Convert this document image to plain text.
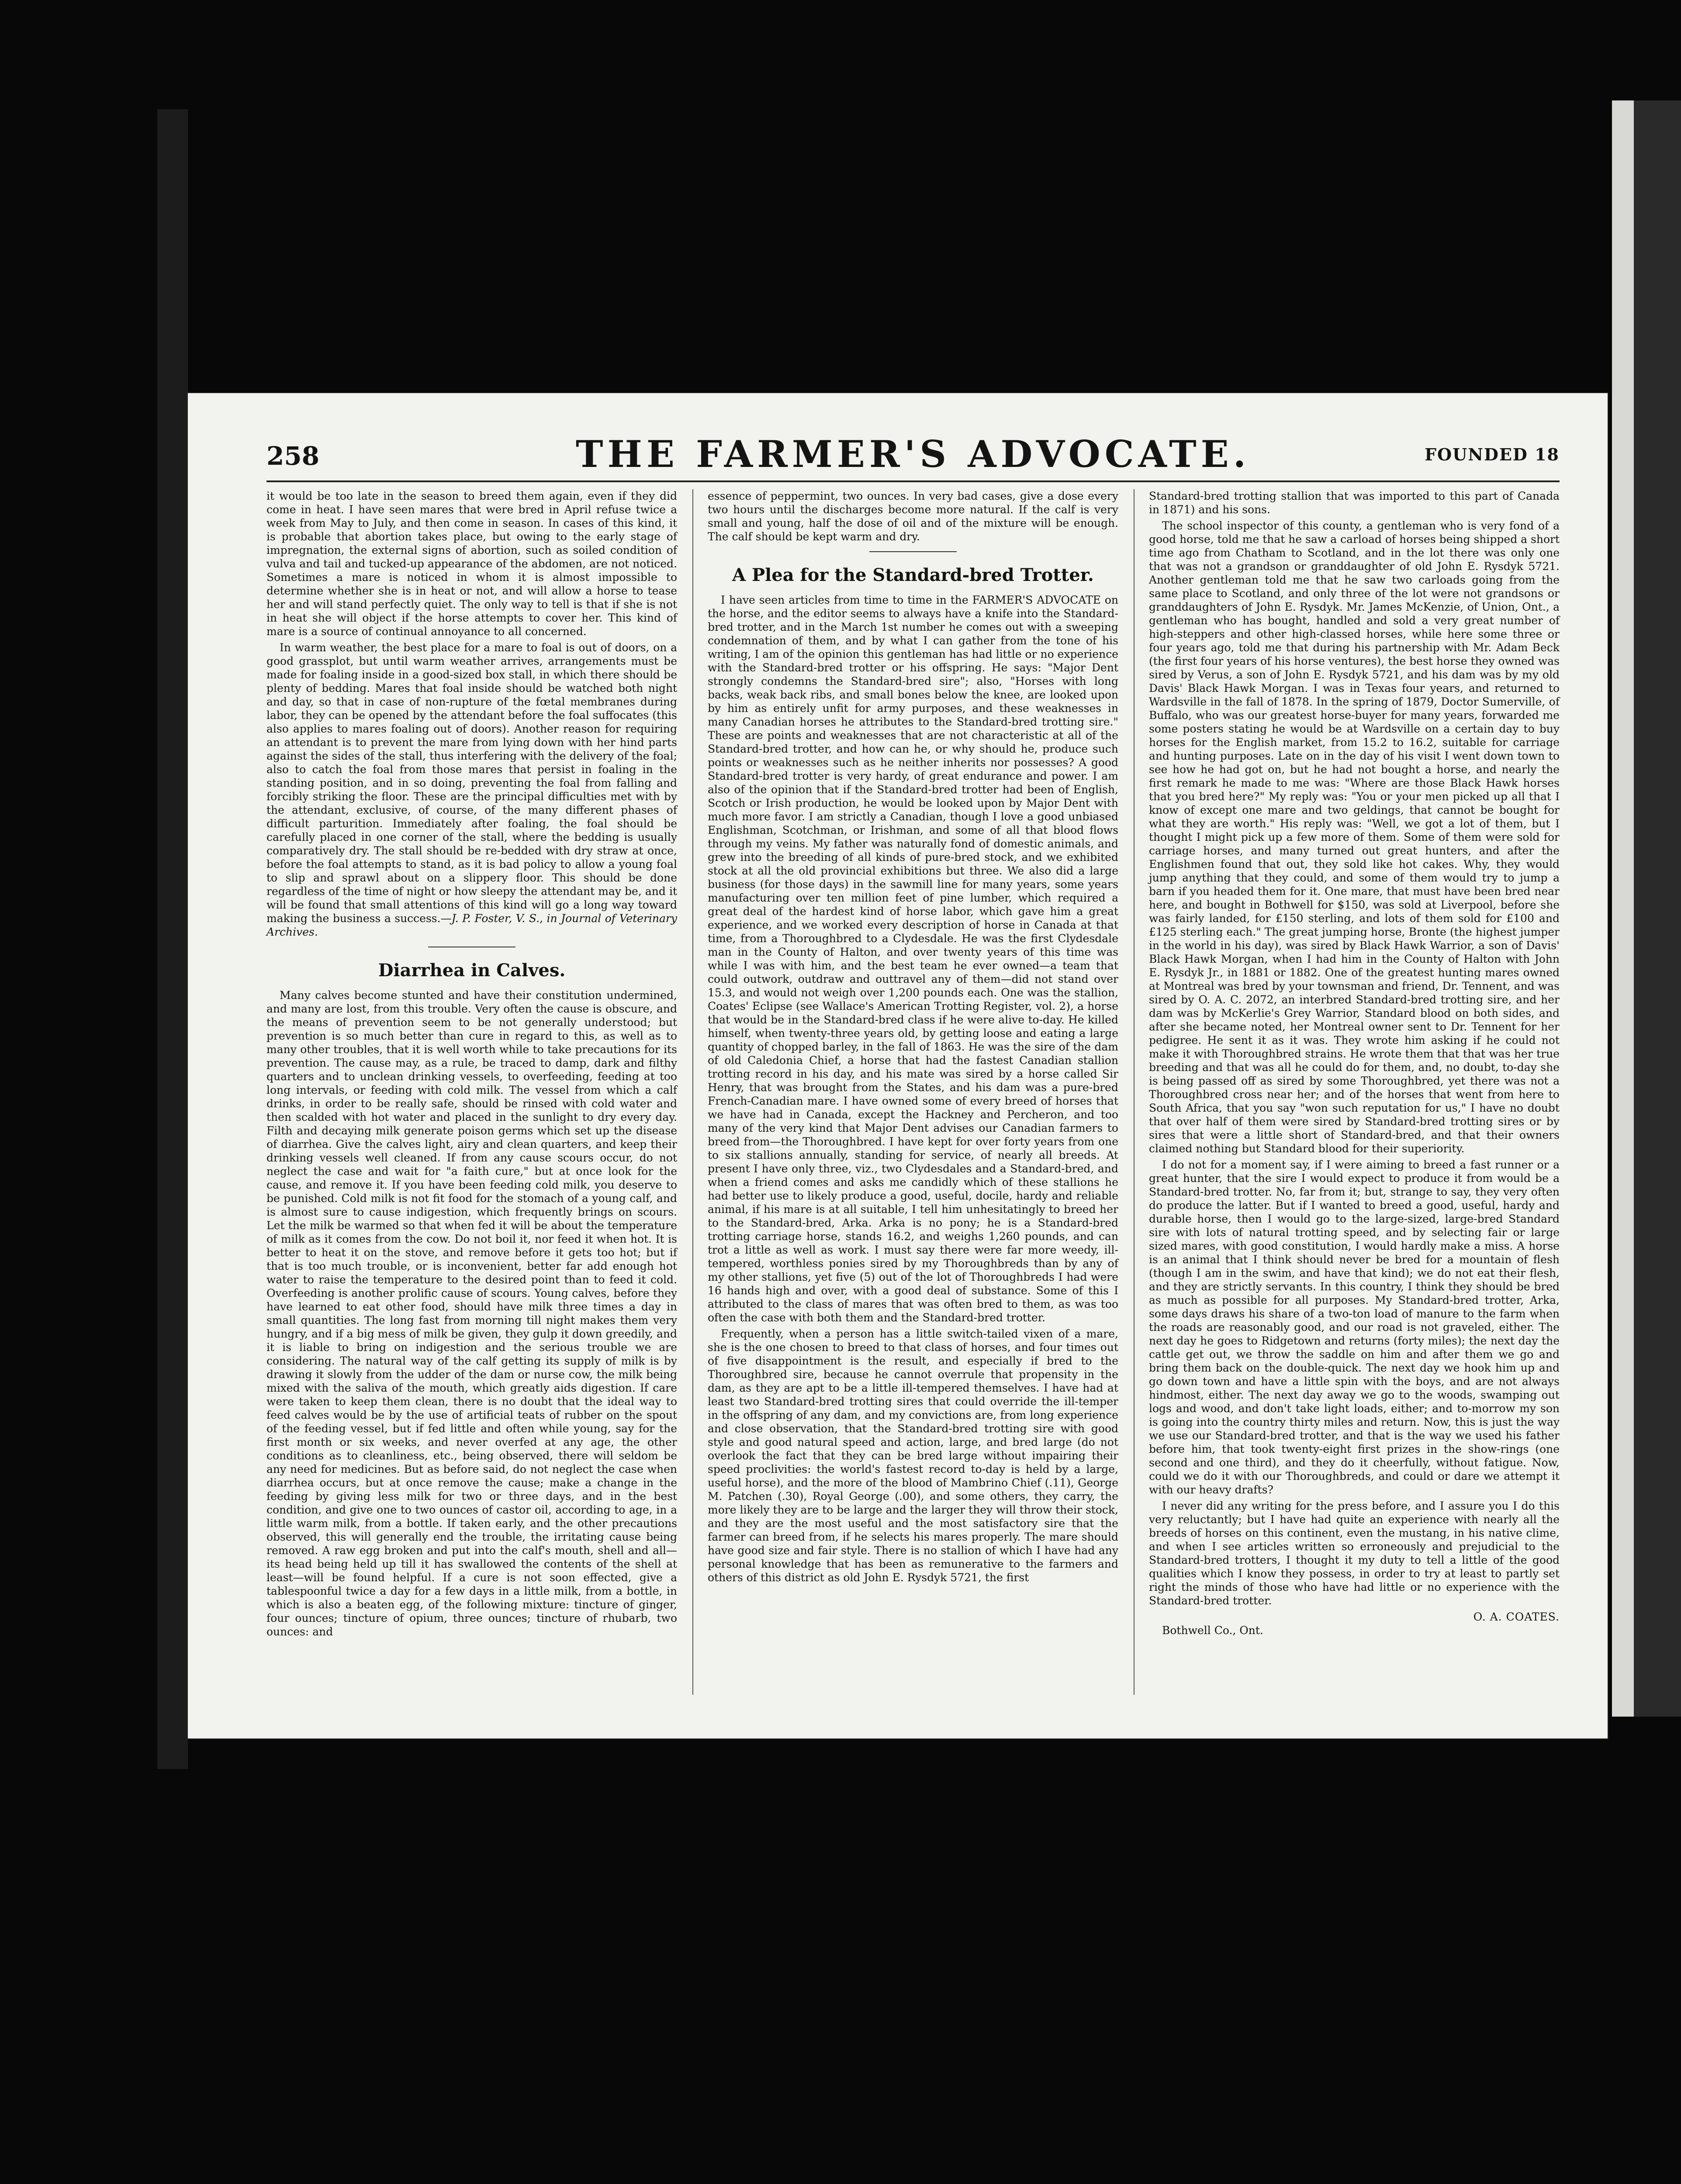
258	THE FARMER'S ADVOCATE.	FOUNDED 18

it would be too late in the season to breed them again, even if they did come in heat. I have seen mares that were bred in April refuse twice a week from May to July, and then come in season. In cases of this kind, it is probable that abortion takes place, but owing to the early stage of impregnation, the external signs of abortion, such as soiled condition of vulva and tail and tucked-up appearance of the abdomen, are not noticed. Sometimes a mare is noticed in whom it is almost impossible to determine whether she is in heat or not, and will allow a horse to tease her and will stand perfectly quiet. The only way to tell is that if she is not in heat she will object if the horse attempts to cover her. This kind of mare is a source of continual annoyance to all concerned.

In warm weather, the best place for a mare to foal is out of doors, on a good grassplot, but until warm weather arrives, arrangements must be made for foaling inside in a good-sized box stall, in which there should be plenty of bedding. Mares that foal inside should be watched both night and day, so that in case of non-rupture of the fœtal membranes during labor, they can be opened by the attendant before the foal suffocates (this also applies to mares foaling out of doors). Another reason for requiring an attendant is to prevent the mare from lying down with her hind parts against the sides of the stall, thus interfering with the delivery of the foal; also to catch the foal from those mares that persist in foaling in the standing position, and in so doing, preventing the foal from falling and forcibly striking the floor. These are the principal difficulties met with by the attendant, exclusive, of course, of the many different phases of difficult parturition. Immediately after foaling, the foal should be carefully placed in one corner of the stall, where the bedding is usually comparatively dry. The stall should be re-bedded with dry straw at once, before the foal attempts to stand, as it is bad policy to allow a young foal to slip and sprawl about on a slippery floor. This should be done regardless of the time of night or how sleepy the attendant may be, and it will be found that small attentions of this kind will go a long way toward making the business a success.—J. P. Foster, V. S., in Journal of Veterinary Archives.

Diarrhea in Calves.

Many calves become stunted and have their constitution undermined, and many are lost, from this trouble. Very often the cause is obscure, and the means of prevention seem to be not generally understood; but prevention is so much better than cure in regard to this, as well as to many other troubles, that it is well worth while to take precautions for its prevention. The cause may, as a rule, be traced to damp, dark and filthy quarters and to unclean drinking vessels, to overfeeding, feeding at too long intervals, or feeding with cold milk. The vessel from which a calf drinks, in order to be really safe, should be rinsed with cold water and then scalded with hot water and placed in the sunlight to dry every day. Filth and decaying milk generate poison germs which set up the disease of diarrhea. Give the calves light, airy and clean quarters, and keep their drinking vessels well cleaned. If from any cause scours occur, do not neglect the case and wait for "a faith cure," but at once look for the cause, and remove it. If you have been feeding cold milk, you deserve to be punished. Cold milk is not fit food for the stomach of a young calf, and is almost sure to cause indigestion, which frequently brings on scours. Let the milk be warmed so that when fed it will be about the temperature of milk as it comes from the cow. Do not boil it, nor feed it when hot. It is better to heat it on the stove, and remove before it gets too hot; but if that is too much trouble, or is inconvenient, better far add enough hot water to raise the temperature to the desired point than to feed it cold. Overfeeding is another prolific cause of scours. Young calves, before they have learned to eat other food, should have milk three times a day in small quantities. The long fast from morning till night makes them very hungry, and if a big mess of milk be given, they gulp it down greedily, and it is liable to bring on indigestion and the serious trouble we are considering. The natural way of the calf getting its supply of milk is by drawing it slowly from the udder of the dam or nurse cow, the milk being mixed with the saliva of the mouth, which greatly aids digestion. If care were taken to keep them clean, there is no doubt that the ideal way to feed calves would be by the use of artificial teats of rubber on the spout of the feeding vessel, but if fed little and often while young, say for the first month or six weeks, and never overfed at any age, the other conditions as to cleanliness, etc., being observed, there will seldom be any need for medicines. But as before said, do not neglect the case when diarrhea occurs, but at once remove the cause; make a change in the feeding by giving less milk for two or three days, and in the best condition, and give one to two ounces of castor oil, according to age, in a little warm milk, from a bottle. If taken early, and the other precautions observed, this will generally end the trouble, the irritating cause being removed. A raw egg broken and put into the calf's mouth, shell and all—its head being held up till it has swallowed the contents of the shell at least—will be found helpful. If a cure is not soon effected, give a tablespoonful twice a day for a few days in a little milk, from a bottle, in which is also a beaten egg, of the following mixture: tincture of ginger, four ounces; tincture of opium, three ounces; tincture of rhubarb, two ounces: and

essence of peppermint, two ounces. In very bad cases, give a dose every two hours until the discharges become more natural. If the calf is very small and young, half the dose of oil and of the mixture will be enough. The calf should be kept warm and dry.

A Plea for the Standard-bred Trotter.

I have seen articles from time to time in the FARMER'S ADVOCATE on the horse, and the editor seems to always have a knife into the Standard-bred trotter, and in the March 1st number he comes out with a sweeping condemnation of them, and by what I can gather from the tone of his writing, I am of the opinion this gentleman has had little or no experience with the Standard-bred trotter or his offspring. He says: "Major Dent strongly condemns the Standard-bred sire"; also, "Horses with long backs, weak back ribs, and small bones below the knee, are looked upon by him as entirely unfit for army purposes, and these weaknesses in many Canadian horses he attributes to the Standard-bred trotting sire." These are points and weaknesses that are not characteristic at all of the Standard-bred trotter, and how can he, or why should he, produce such points or weaknesses such as he neither inherits nor possesses? A good Standard-bred trotter is very hardy, of great endurance and power. I am also of the opinion that if the Standard-bred trotter had been of English, Scotch or Irish production, he would be looked upon by Major Dent with much more favor. I am strictly a Canadian, though I love a good unbiased Englishman, Scotchman, or Irishman, and some of all that blood flows through my veins. My father was naturally fond of domestic animals, and grew into the breeding of all kinds of pure-bred stock, and we exhibited stock at all the old provincial exhibitions but three. We also did a large business (for those days) in the sawmill line for many years, some years manufacturing over ten million feet of pine lumber, which required a great deal of the hardest kind of horse labor, which gave him a great experience, and we worked every description of horse in Canada at that time, from a Thoroughbred to a Clydesdale. He was the first Clydesdale man in the County of Halton, and over twenty years of this time was while I was with him, and the best team he ever owned—a team that could outwork, outdraw and outtravel any of them—did not stand over 15.3, and would not weigh over 1,200 pounds each. One was the stallion, Coates' Eclipse (see Wallace's American Trotting Register, vol. 2), a horse that would be in the Standard-bred class if he were alive to-day. He killed himself, when twenty-three years old, by getting loose and eating a large quantity of chopped barley, in the fall of 1863. He was the sire of the dam of old Caledonia Chief, a horse that had the fastest Canadian stallion trotting record in his day, and his mate was sired by a horse called Sir Henry, that was brought from the States, and his dam was a pure-bred French-Canadian mare. I have owned some of every breed of horses that we have had in Canada, except the Hackney and Percheron, and too many of the very kind that Major Dent advises our Canadian farmers to breed from—the Thoroughbred. I have kept for over forty years from one to six stallions annually, standing for service, of nearly all breeds. At present I have only three, viz., two Clydesdales and a Standard-bred, and when a friend comes and asks me candidly which of these stallions he had better use to likely produce a good, useful, docile, hardy and reliable animal, if his mare is at all suitable, I tell him unhesitatingly to breed her to the Standard-bred, Arka. Arka is no pony; he is a Standard-bred trotting carriage horse, stands 16.2, and weighs 1,260 pounds, and can trot a little as well as work. I must say there were far more weedy, ill-tempered, worthless ponies sired by my Thoroughbreds than by any of my other stallions, yet five (5) out of the lot of Thoroughbreds I had were 16 hands high and over, with a good deal of substance. Some of this I attributed to the class of mares that was often bred to them, as was too often the case with both them and the Standard-bred trotter.

Frequently, when a person has a little switch-tailed vixen of a mare, she is the one chosen to breed to that class of horses, and four times out of five disappointment is the result, and especially if bred to the Thoroughbred sire, because he cannot overrule that propensity in the dam, as they are apt to be a little ill-tempered themselves. I have had at least two Standard-bred trotting sires that could override the ill-temper in the offspring of any dam, and my convictions are, from long experience and close observation, that the Standard-bred trotting sire with good style and good natural speed and action, large, and bred large (do not overlook the fact that they can be bred large without impairing their speed proclivities: the world's fastest record to-day is held by a large, useful horse), and the more of the blood of Mambrino Chief (.11), George M. Patchen (.30), Royal George (.00), and some others, they carry, the more likely they are to be large and the larger they will throw their stock, and they are the most useful and the most satisfactory sire that the farmer can breed from, if he selects his mares properly. The mare should have good size and fair style. There is no stallion of which I have had any personal knowledge that has been as remunerative to the farmers and others of this district as old John E. Rysdyk 5721, the first

Standard-bred trotting stallion that was imported to this part of Canada in 1871) and his sons.

The school inspector of this county, a gentleman who is very fond of a good horse, told me that he saw a carload of horses being shipped a short time ago from Chatham to Scotland, and in the lot there was only one that was not a grandson or granddaughter of old John E. Rysdyk 5721. Another gentleman told me that he saw two carloads going from the same place to Scotland, and only three of the lot were not grandsons or granddaughters of John E. Rysdyk. Mr. James McKenzie, of Union, Ont., a gentleman who has bought, handled and sold a very great number of high-steppers and other high-classed horses, while here some three or four years ago, told me that during his partnership with Mr. Adam Beck (the first four years of his horse ventures), the best horse they owned was sired by Verus, a son of John E. Rysdyk 5721, and his dam was by my old Davis' Black Hawk Morgan. I was in Texas four years, and returned to Wardsville in the fall of 1878. In the spring of 1879, Doctor Sumerville, of Buffalo, who was our greatest horse-buyer for many years, forwarded me some posters stating he would be at Wardsville on a certain day to buy horses for the English market, from 15.2 to 16.2, suitable for carriage and hunting purposes. Late on in the day of his visit I went down town to see how he had got on, but he had not bought a horse, and nearly the first remark he made to me was: "Where are those Black Hawk horses that you bred here?" My reply was: "You or your men picked up all that I know of except one mare and two geldings, that cannot be bought for what they are worth." His reply was: "Well, we got a lot of them, but I thought I might pick up a few more of them. Some of them were sold for carriage horses, and many turned out great hunters, and after the Englishmen found that out, they sold like hot cakes. Why, they would jump anything that they could, and some of them would try to jump a barn if you headed them for it. One mare, that must have been bred near here, and bought in Bothwell for $150, was sold at Liverpool, before she was fairly landed, for £150 sterling, and lots of them sold for £100 and £125 sterling each." The great jumping horse, Bronte (the highest jumper in the world in his day), was sired by Black Hawk Warrior, a son of Davis' Black Hawk Morgan, when I had him in the County of Halton with John E. Rysdyk Jr., in 1881 or 1882. One of the greatest hunting mares owned at Montreal was bred by your townsman and friend, Dr. Tennent, and was sired by O. A. C. 2072, an interbred Standard-bred trotting sire, and her dam was by McKerlie's Grey Warrior, Standard blood on both sides, and after she became noted, her Montreal owner sent to Dr. Tennent for her pedigree. He sent it as it was. They wrote him asking if he could not make it with Thoroughbred strains. He wrote them that that was her true breeding and that was all he could do for them, and, no doubt, to-day she is being passed off as sired by some Thoroughbred, yet there was not a Thoroughbred cross near her; and of the horses that went from here to South Africa, that you say "won such reputation for us," I have no doubt that over half of them were sired by Standard-bred trotting sires or by sires that were a little short of Standard-bred, and that their owners claimed nothing but Standard blood for their superiority.

I do not for a moment say, if I were aiming to breed a fast runner or a great hunter, that the sire I would expect to produce it from would be a Standard-bred trotter. No, far from it; but, strange to say, they very often do produce the latter. But if I wanted to breed a good, useful, hardy and durable horse, then I would go to the large-sized, large-bred Standard sire with lots of natural trotting speed, and by selecting fair or large sized mares, with good constitution, I would hardly make a miss. A horse is an animal that I think should never be bred for a mountain of flesh (though I am in the swim, and have that kind); we do not eat their flesh, and they are strictly servants. In this country, I think they should be bred as much as possible for all purposes. My Standard-bred trotter, Arka, some days draws his share of a two-ton load of manure to the farm when the roads are reasonably good, and our road is not graveled, either. The next day he goes to Ridgetown and returns (forty miles); the next day the cattle get out, we throw the saddle on him and after them we go and bring them back on the double-quick. The next day we hook him up and go down town and have a little spin with the boys, and are not always hindmost, either. The next day away we go to the woods, swamping out logs and wood, and don't take light loads, either; and to-morrow my son is going into the country thirty miles and return. Now, this is just the way we use our Standard-bred trotter, and that is the way we used his father before him, that took twenty-eight first prizes in the show-rings (one second and one third), and they do it cheerfully, without fatigue. Now, could we do it with our Thoroughbreds, and could or dare we attempt it with our heavy drafts?

I never did any writing for the press before, and I assure you I do this very reluctantly; but I have had quite an experience with nearly all the breeds of horses on this continent, even the mustang, in his native clime, and when I see articles written so erroneously and prejudicial to the Standard-bred trotters, I thought it my duty to tell a little of the good qualities which I know they possess, in order to try at least to partly set right the minds of those who have had little or no experience with the Standard-bred trotter.

O. A. COATES.
Bothwell Co., Ont.
